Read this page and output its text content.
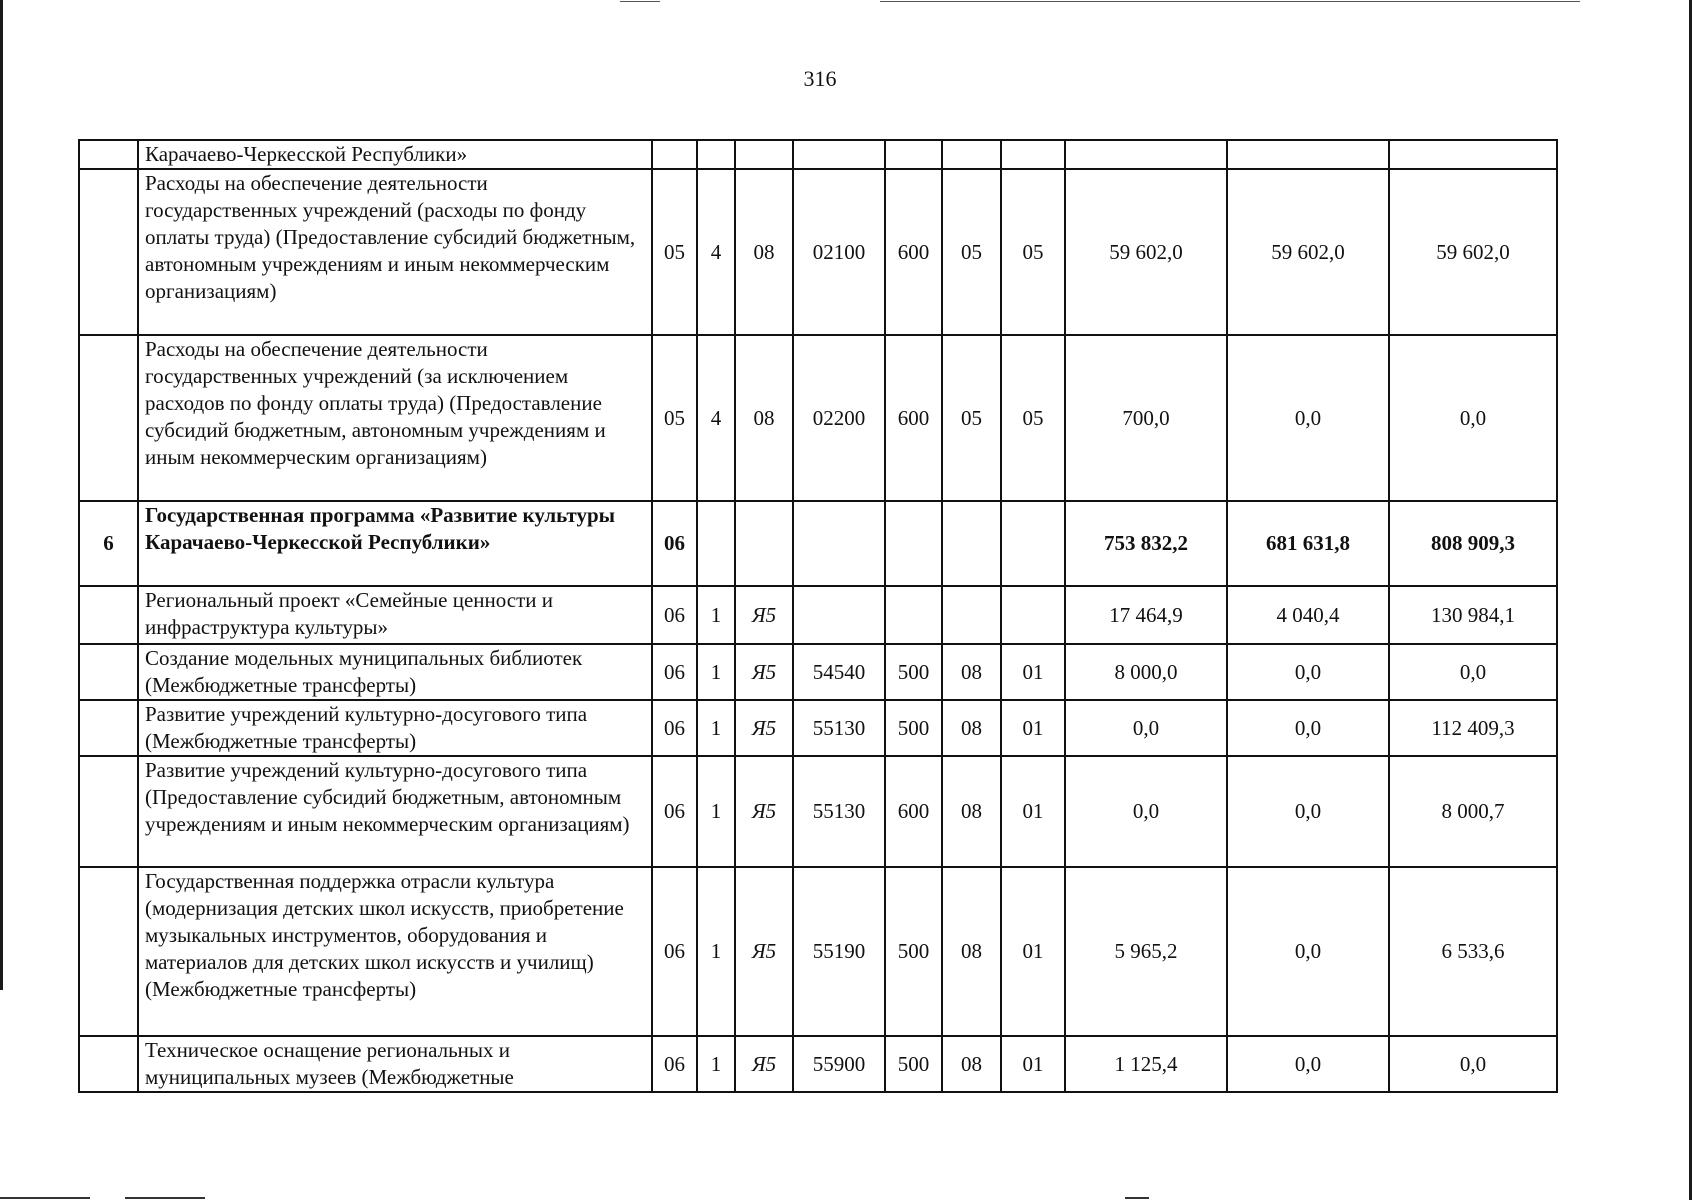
316
	Карачаево-Черкесской Республики»										
	Расходы на обеспечение деятельности государственных учреждений (расходы по фонду оплаты труда) (Предоставление субсидий бюджетным, автономным учреждениям и иным некоммерческим организациям)	05	4	08	02100	600	05	05	59 602,0	59 602,0	59 602,0
	Расходы на обеспечение деятельности государственных учреждений (за исключением расходов по фонду оплаты труда) (Предоставление субсидий бюджетным, автономным учреждениям и иным некоммерческим организациям)	05	4	08	02200	600	05	05	700,0	0,0	0,0
6	Государственная программа «Развитие культуры Карачаево-Черкесской Республики»	06							753 832,2	681 631,8	808 909,3
	Региональный проект «Семейные ценности и инфраструктура культуры»	06	1	Я5					17 464,9	4 040,4	130 984,1
	Создание модельных муниципальных библиотек (Межбюджетные трансферты)	06	1	Я5	54540	500	08	01	8 000,0	0,0	0,0
	Развитие учреждений культурно-досугового типа (Межбюджетные трансферты)	06	1	Я5	55130	500	08	01	0,0	0,0	112 409,3
	Развитие учреждений культурно-досугового типа (Предоставление субсидий бюджетным, автономным учреждениям и иным некоммерческим организациям)	06	1	Я5	55130	600	08	01	0,0	0,0	8 000,7
	Государственная поддержка отрасли культура (модернизация детских школ искусств, приобретение музыкальных инструментов, оборудования и материалов для детских школ искусств и училищ) (Межбюджетные трансферты)	06	1	Я5	55190	500	08	01	5 965,2	0,0	6 533,6
	Техническое оснащение региональных и муниципальных музеев (Межбюджетные	06	1	Я5	55900	500	08	01	1 125,4	0,0	0,0
